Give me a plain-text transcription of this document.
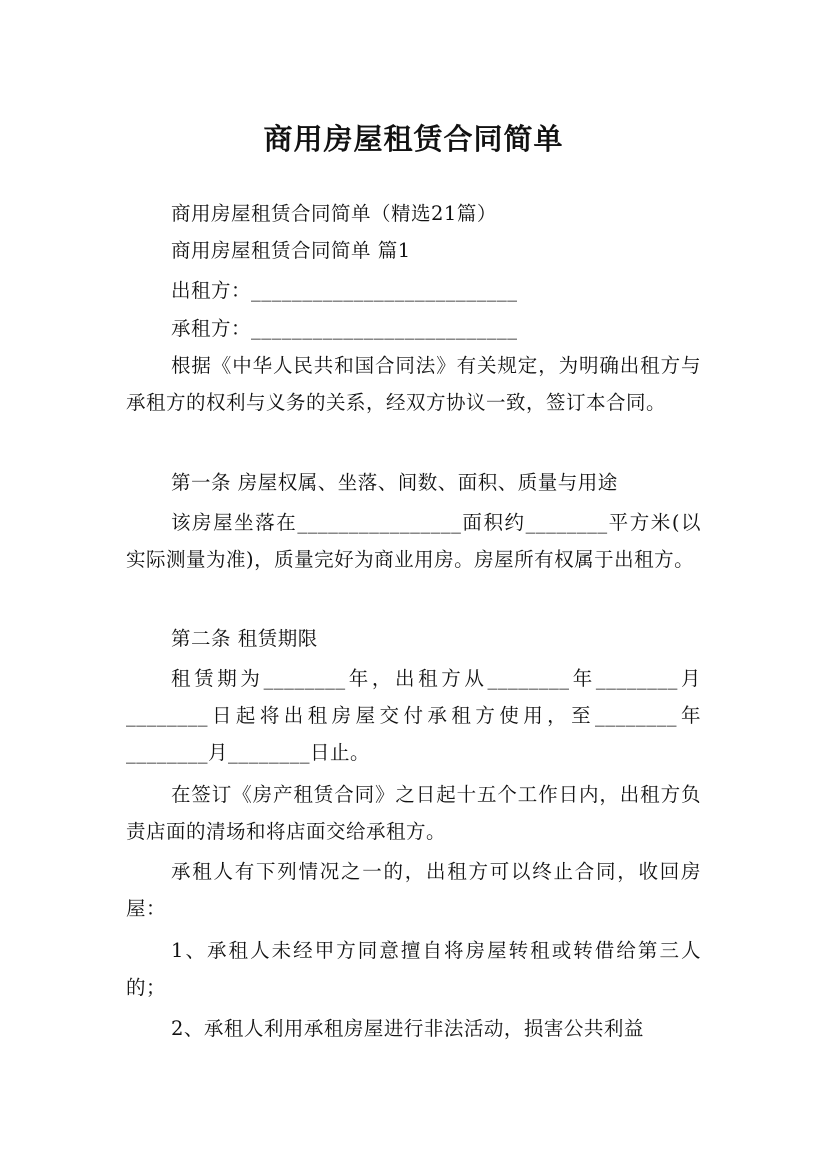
商用房屋租赁合同简单

商用房屋租赁合同简单（精选21篇）

商用房屋租赁合同简单 篇1

出租方：__________________________

承租方：__________________________

根据《中华人民共和国合同法》有关规定，为明确出租方与承租方的权利与义务的关系，经双方协议一致，签订本合同。

第一条 房屋权属、坐落、间数、面积、质量与用途

该房屋坐落在________________面积约________平方米(以实际测量为准)，质量完好为商业用房。房屋所有权属于出租方。

第二条 租赁期限

租赁期为________年，出租方从________年________月________日起将出租房屋交付承租方使用，至________年________月________日止。

在签订《房产租赁合同》之日起十五个工作日内，出租方负责店面的清场和将店面交给承租方。

承租人有下列情况之一的，出租方可以终止合同，收回房屋：

1、承租人未经甲方同意擅自将房屋转租或转借给第三人的；

2、承租人利用承租房屋进行非法活动，损害公共利益
